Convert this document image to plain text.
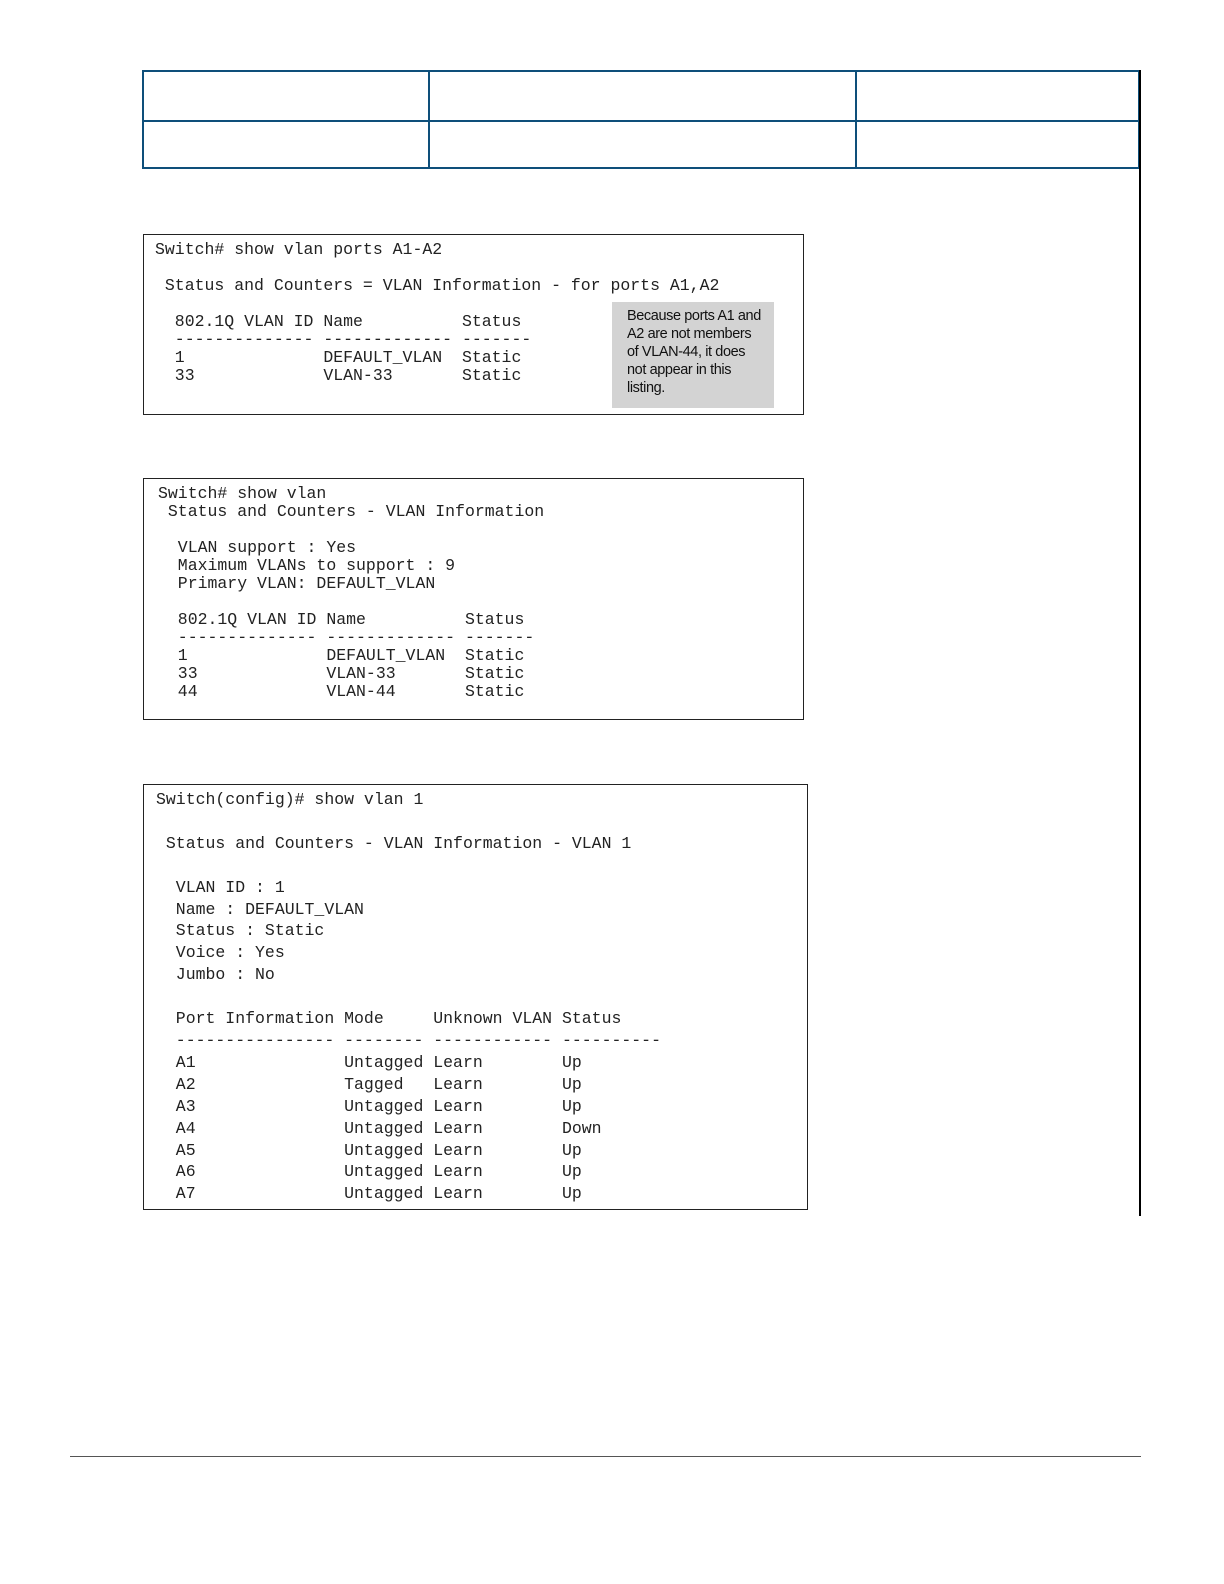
Switch# show vlan ports A1-A2

Status and Counters = VLAN Information - for ports A1,A2

802.1Q VLAN ID Name          Status
-------------- ------------- -------
1              DEFAULT_VLAN  Static
33             VLAN-33       Static
Because ports A1 and A2 are not members of VLAN-44, it does not appear in this listing.
Switch# show vlan
Status and Counters - VLAN Information

VLAN support : Yes
Maximum VLANs to support : 9
Primary VLAN: DEFAULT_VLAN

802.1Q VLAN ID Name          Status
-------------- ------------- -------
1              DEFAULT_VLAN  Static
33             VLAN-33       Static
44             VLAN-44       Static
Switch(config)# show vlan 1

Status and Counters - VLAN Information - VLAN 1

VLAN ID : 1
Name : DEFAULT_VLAN
Status : Static
Voice : Yes
Jumbo : No

Port Information Mode     Unknown VLAN Status
---------------- -------- ------------ ----------
A1               Untagged Learn        Up
A2               Tagged   Learn        Up
A3               Untagged Learn        Up
A4               Untagged Learn        Down
A5               Untagged Learn        Up
A6               Untagged Learn        Up
A7               Untagged Learn        Up
